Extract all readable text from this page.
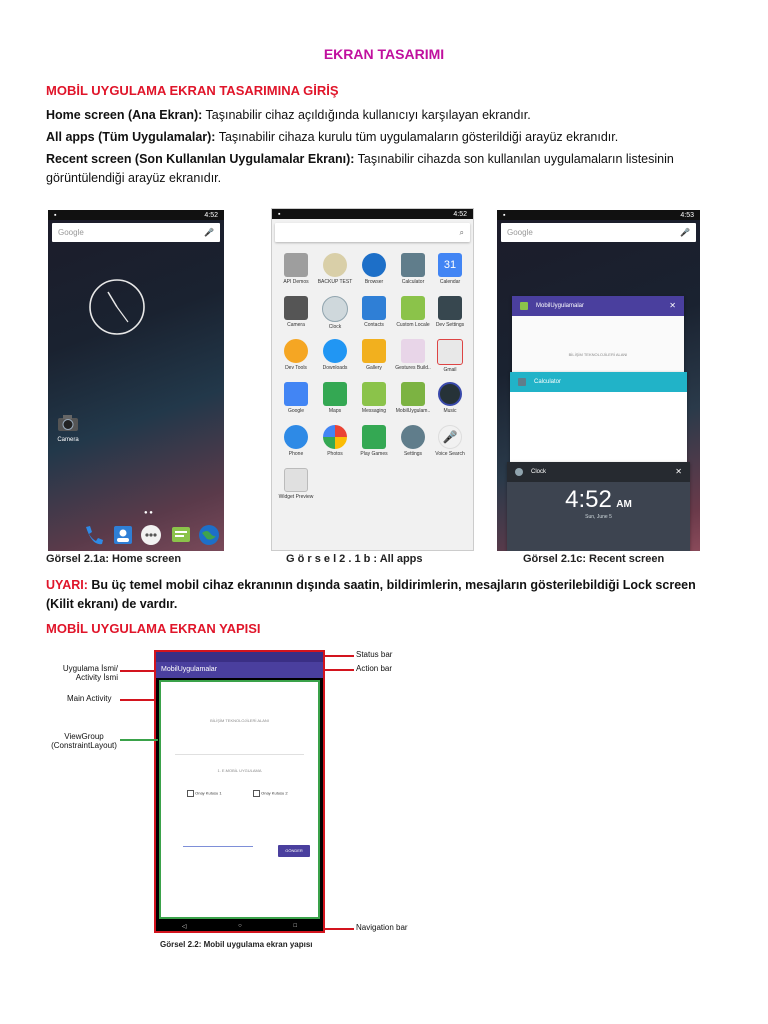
EKRAN TASARIMI
MOBİL UYGULAMA EKRAN TASARIMINA GİRİŞ
Home screen (Ana Ekran): Taşınabilir cihaz açıldığında kullanıcıyı karşılayan ekrandır.
All apps (Tüm Uygulamalar): Taşınabilir cihaza kurulu tüm uygulamaların gösterildiği arayüz ekranıdır.
Recent screen (Son Kullanılan Uygulamalar Ekranı): Taşınabilir cihazda son kullanılan uygulamaların listesinin görüntülendiği arayüz ekranıdır.
▪	4:52
Google	🎤
Camera
● ●
Görsel 2.1a: Home screen
▪	4:52
⌕
API Demos	BACKUP TEST	Browser	Calculator
31
Calendar
Camera	Clock	Contacts	Custom Locale	Dev Settings
Dev Tools	Downloads	Gallery	Gestures Build..	Gmail
Google	Maps	Messaging	MobilUygulam..	Music
Phone	Photos	Play Games	Settings
🎤
Voice Search
Widget Preview
G ö r s e l 2 . 1 b : All apps
▪	4:53
Google	🎤
MobilUygulamalar	✕
BİLİŞİM TEKNOLOJİLERİ ALANI
Calculator
Clock	✕
4:52 AM
Sun, June 5
Görsel 2.1c: Recent screen
UYARI: Bu üç temel mobil cihaz ekranının dışında saatin, bildirimlerin, mesajların gösterilebildiği Lock screen (Kilit ekranı) de vardır.
MOBİL UYGULAMA EKRAN YAPISI
MobilUygulamalar
BİLİŞİM TEKNOLOJİLERİ ALANI
1. E.MOBİL UYGULAMA
Onay Kutusu 1	Onay Kutusu 2
GÖNDER
◁	○	□
Uygulama İsmi/ Activity İsmi
Main Activity
ViewGroup (ConstraintLayout)
Status bar
Action bar
Navigation bar
Görsel 2.2: Mobil uygulama ekran yapısı
